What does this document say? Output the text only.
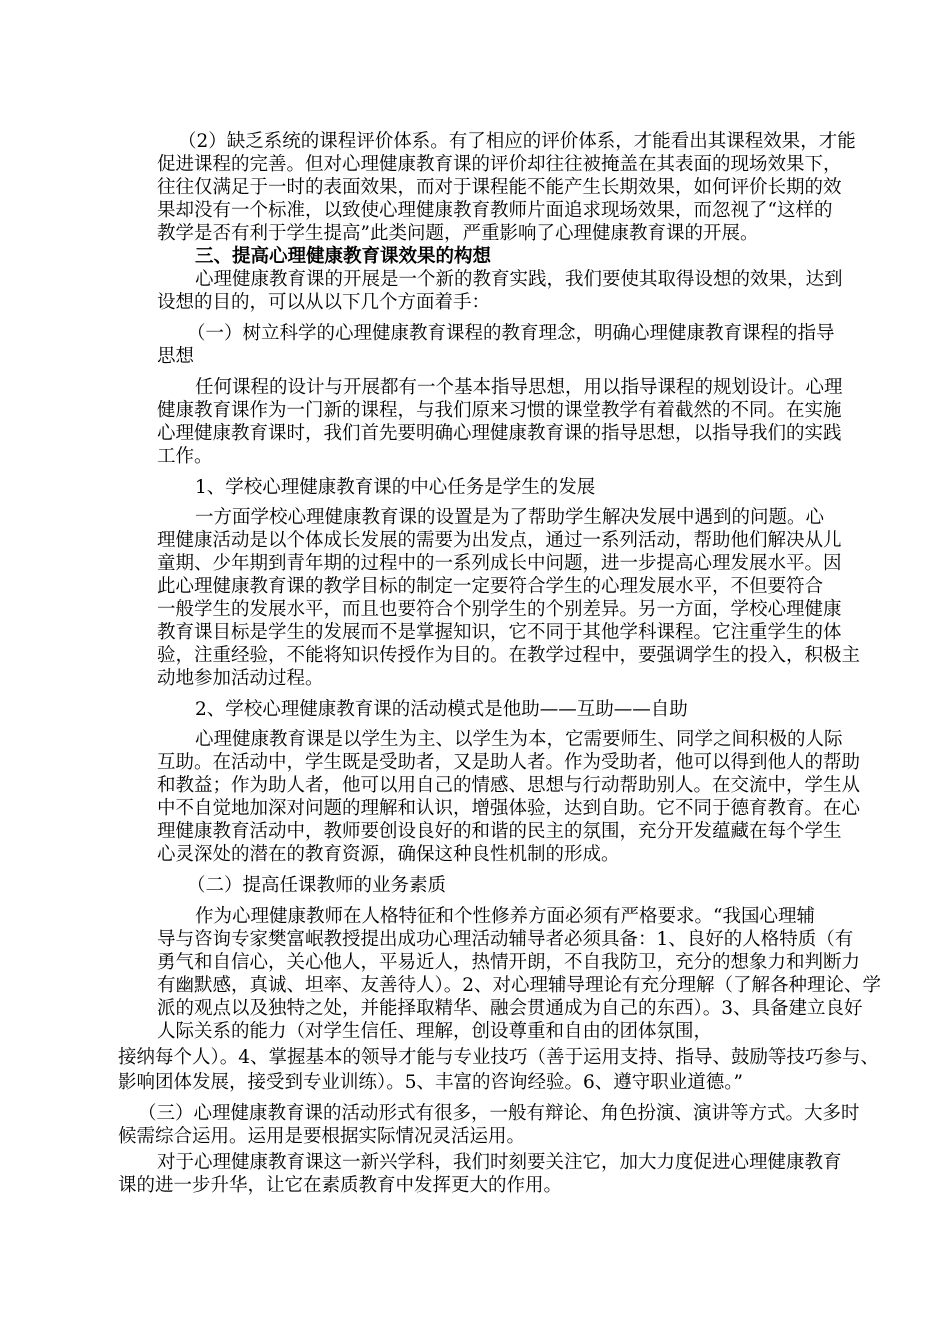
（2）缺乏系统的课程评价体系。有了相应的评价体系，才能看出其课程效果，才能
促进课程的完善。但对心理健康教育课的评价却往往被掩盖在其表面的现场效果下，
往往仅满足于一时的表面效果，而对于课程能不能产生长期效果，如何评价长期的效
果却没有一个标准，以致使心理健康教育教师片面追求现场效果，而忽视了“这样的
教学是否有利于学生提高”此类问题，严重影响了心理健康教育课的开展。
三、提高心理健康教育课效果的构想
心理健康教育课的开展是一个新的教育实践，我们要使其取得设想的效果，达到
设想的目的，可以从以下几个方面着手：
（一）树立科学的心理健康教育课程的教育理念，明确心理健康教育课程的指导
思想
任何课程的设计与开展都有一个基本指导思想，用以指导课程的规划设计。心理
健康教育课作为一门新的课程，与我们原来习惯的课堂教学有着截然的不同。在实施
心理健康教育课时，我们首先要明确心理健康教育课的指导思想，以指导我们的实践
工作。
1、学校心理健康教育课的中心任务是学生的发展
一方面学校心理健康教育课的设置是为了帮助学生解决发展中遇到的问题。心
理健康活动是以个体成长发展的需要为出发点，通过一系列活动，帮助他们解决从儿
童期、少年期到青年期的过程中的一系列成长中问题，进一步提高心理发展水平。因
此心理健康教育课的教学目标的制定一定要符合学生的心理发展水平，不但要符合
一般学生的发展水平，而且也要符合个别学生的个别差异。另一方面，学校心理健康
教育课目标是学生的发展而不是掌握知识，它不同于其他学科课程。它注重学生的体
验，注重经验，不能将知识传授作为目的。在教学过程中，要强调学生的投入，积极主
动地参加活动过程。
2、学校心理健康教育课的活动模式是他助——互助——自助
心理健康教育课是以学生为主、以学生为本，它需要师生、同学之间积极的人际
互助。在活动中，学生既是受助者，又是助人者。作为受助者，他可以得到他人的帮助
和教益；作为助人者，他可以用自己的情感、思想与行动帮助别人。在交流中，学生从
中不自觉地加深对问题的理解和认识，增强体验，达到自助。它不同于德育教育。在心
理健康教育活动中，教师要创设良好的和谐的民主的氛围，充分开发蕴藏在每个学生
心灵深处的潜在的教育资源，确保这种良性机制的形成。
（二）提高任课教师的业务素质
作为心理健康教师在人格特征和个性修养方面必须有严格要求。“我国心理辅
导与咨询专家樊富岷教授提出成功心理活动辅导者必须具备：1、良好的人格特质（有
勇气和自信心，关心他人，平易近人，热情开朗，不自我防卫，充分的想象力和判断力
有幽默感，真诚、坦率、友善待人）。2、对心理辅导理论有充分理解（了解各种理论、学
派的观点以及独特之处，并能择取精华、融会贯通成为自己的东西）。3、具备建立良好
人际关系的能力（对学生信任、理解，创设尊重和自由的团体氛围，
接纳每个人）。4、掌握基本的领导才能与专业技巧（善于运用支持、指导、鼓励等技巧参与、
影响团体发展，接受到专业训练）。5、丰富的咨询经验。6、遵守职业道德。”
（三）心理健康教育课的活动形式有很多，一般有辩论、角色扮演、演讲等方式。大多时
候需综合运用。运用是要根据实际情况灵活运用。
对于心理健康教育课这一新兴学科，我们时刻要关注它，加大力度促进心理健康教育
课的进一步升华，让它在素质教育中发挥更大的作用。
